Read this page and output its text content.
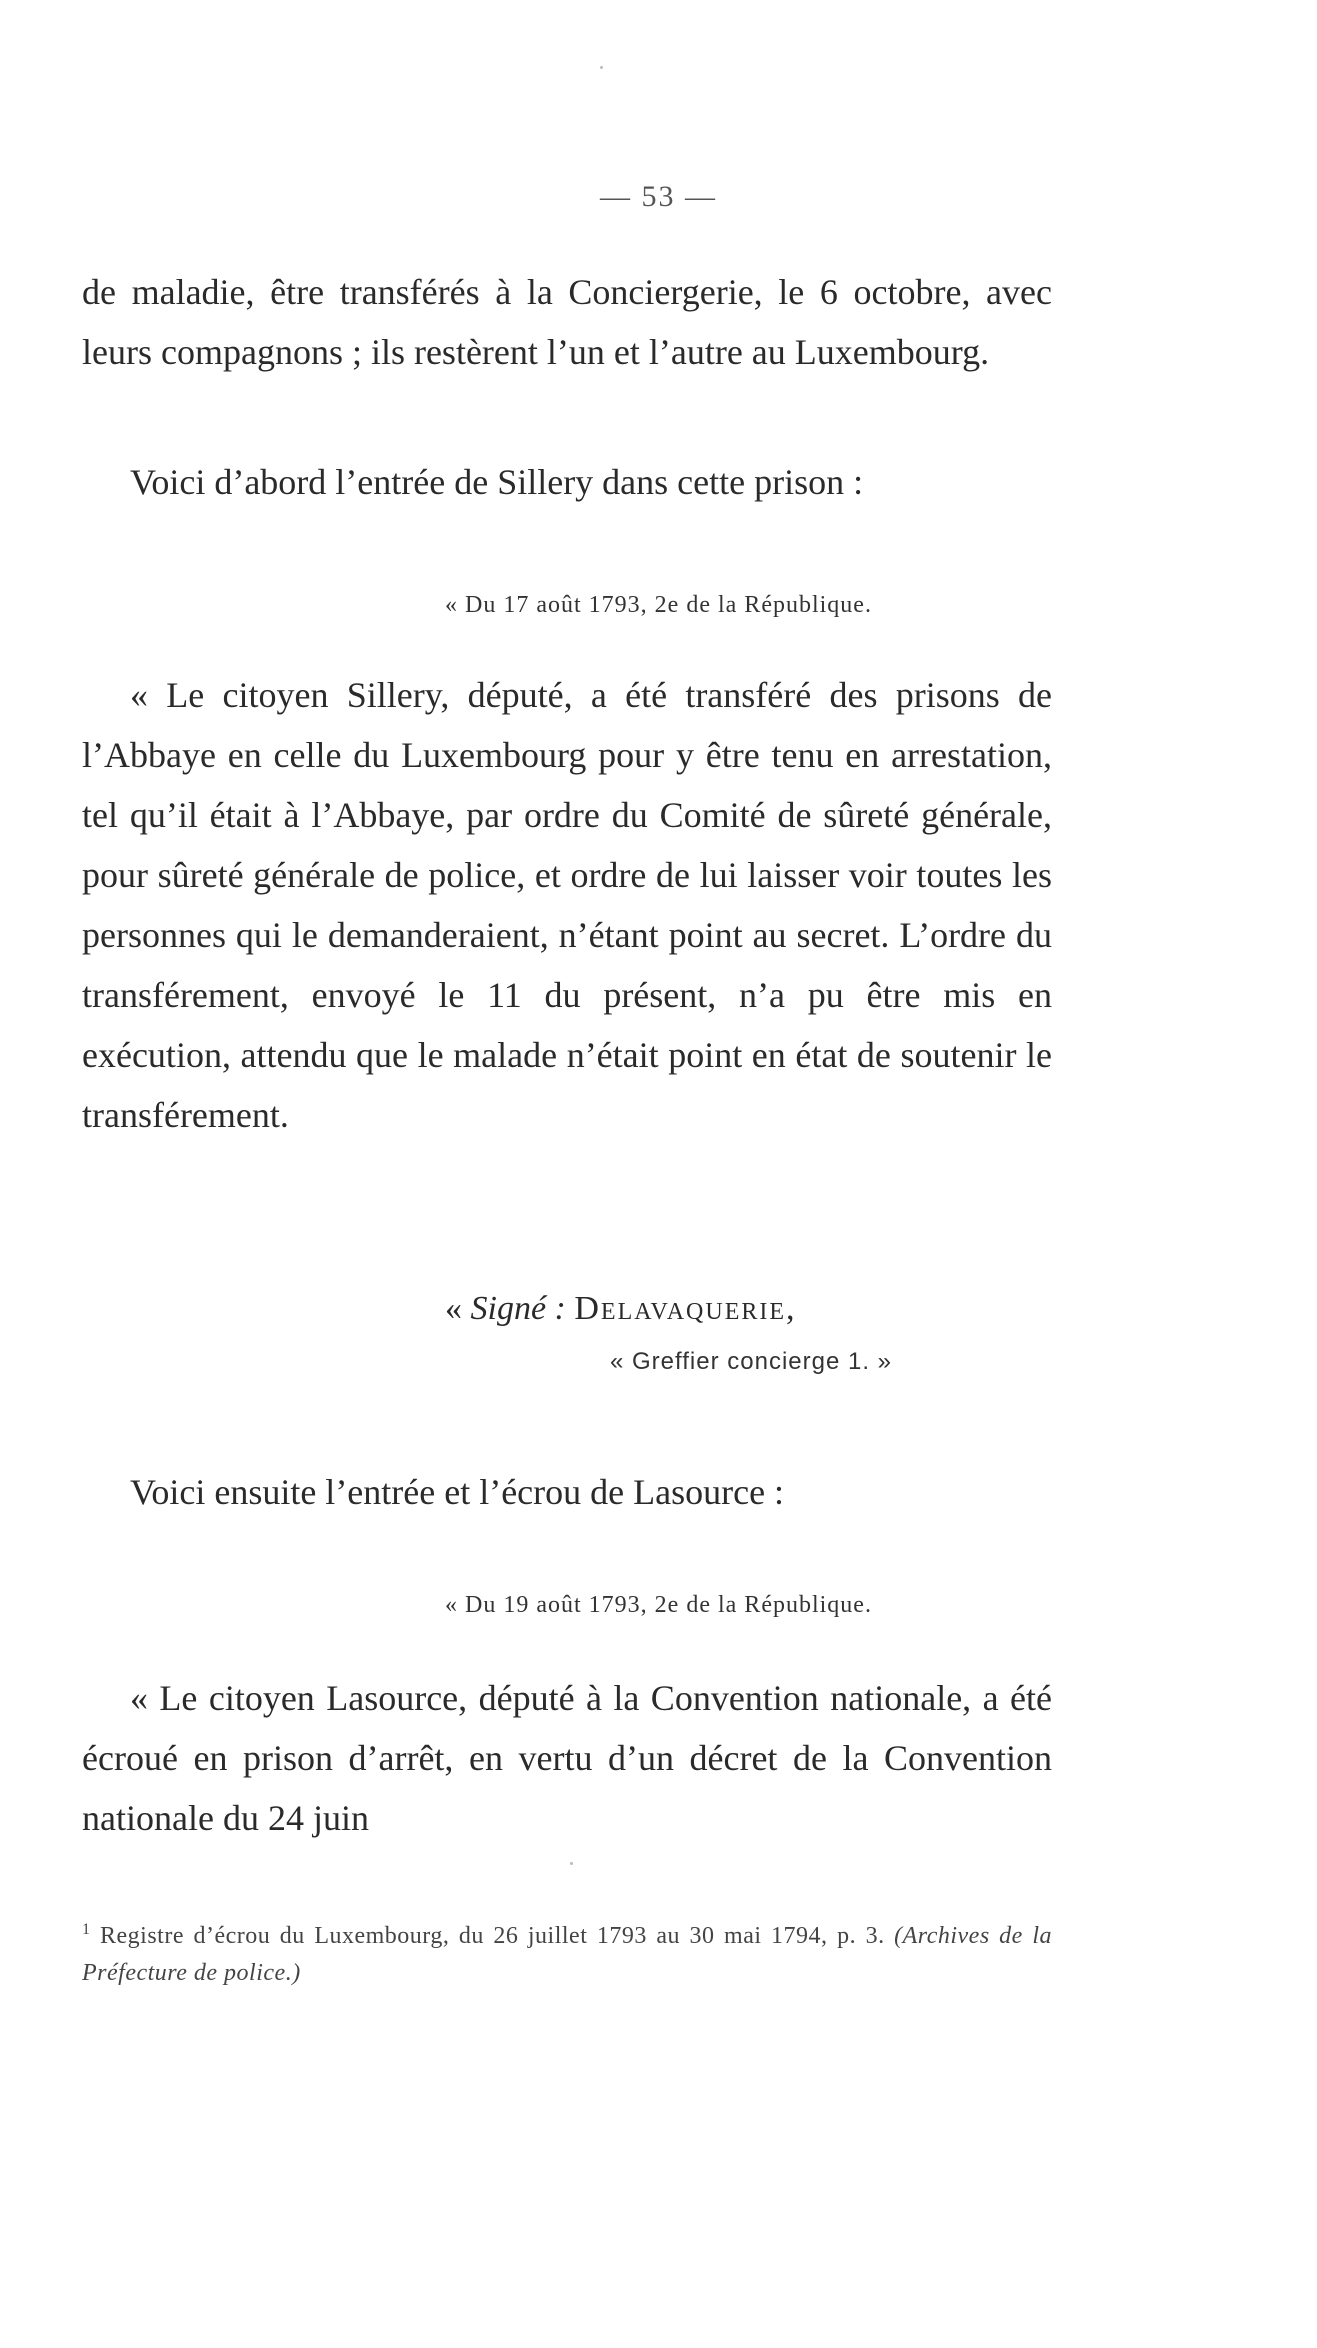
— 53 —

de maladie, être transférés à la Conciergerie, le 6 octobre, avec leurs compagnons ; ils restèrent l’un et l’autre au Luxembourg.

Voici d’abord l’entrée de Sillery dans cette prison :

« Du 17 août 1793, 2e de la République.

« Le citoyen Sillery, député, a été transféré des prisons de l’Abbaye en celle du Luxembourg pour y être tenu en arrestation, tel qu’il était à l’Abbaye, par ordre du Comité de sûreté générale, pour sûreté générale de police, et ordre de lui laisser voir toutes les personnes qui le demanderaient, n’étant point au secret. L’ordre du transférement, envoyé le 11 du présent, n’a pu être mis en exécution, attendu que le malade n’était point en état de soutenir le transférement.

« Signé : Delavaquerie,
« Greffier concierge 1. »

Voici ensuite l’entrée et l’écrou de Lasource :

« Du 19 août 1793, 2e de la République.

« Le citoyen Lasource, député à la Convention nationale, a été écroué en prison d’arrêt, en vertu d’un décret de la Convention nationale du 24 juin

$^1$ Registre d’écrou du Luxembourg, du 26 juillet 1793 au 30 mai 1794, p. 3. (Archives de la Préfecture de police.)
